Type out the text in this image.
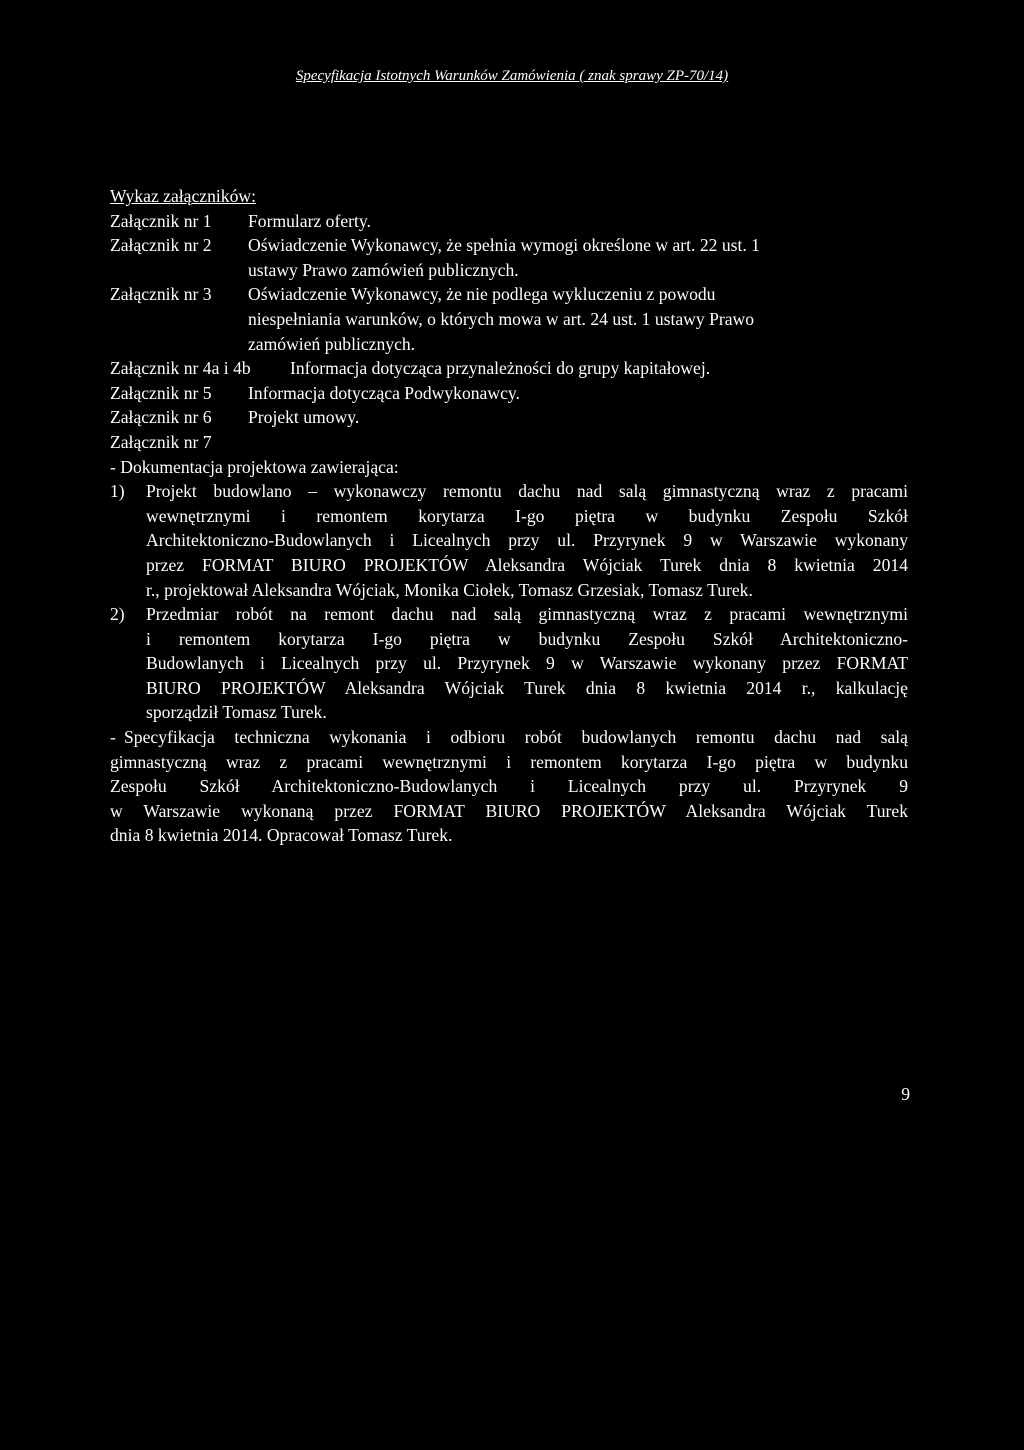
Specyfikacja Istotnych Warunków Zamówienia ( znak sprawy ZP-70/14)
Wykaz załączników:
Załącznik nr 1	Formularz oferty.
Załącznik nr 2	Oświadczenie Wykonawcy, że spełnia wymogi określone w art. 22 ust. 1
ustawy Prawo zamówień publicznych.
Załącznik nr 3	Oświadczenie Wykonawcy, że nie podlega wykluczeniu z powodu
niespełniania warunków, o których mowa w art. 24 ust. 1 ustawy Prawo
zamówień publicznych.
Załącznik nr 4a i 4b	Informacja dotycząca przynależności do grupy kapitałowej.
Załącznik nr 5	Informacja dotycząca Podwykonawcy.
Załącznik nr 6	Projekt umowy.
Załącznik nr 7
- Dokumentacja projektowa zawierająca:
1)	Projekt budowlano – wykonawczy remontu dachu nad salą gimnastyczną wraz z pracami
wewnętrznymi i remontem korytarza I-go piętra w budynku Zespołu Szkół
Architektoniczno-Budowlanych i Licealnych przy ul. Przyrynek 9 w Warszawie wykonany
przez FORMAT BIURO PROJEKTÓW Aleksandra Wójciak Turek dnia 8 kwietnia 2014
r., projektował Aleksandra Wójciak, Monika Ciołek, Tomasz Grzesiak, Tomasz Turek.
2)	Przedmiar robót na remont dachu nad salą gimnastyczną wraz z pracami wewnętrznymi
i remontem korytarza I-go piętra w budynku Zespołu Szkół Architektoniczno-
Budowlanych i Licealnych przy ul. Przyrynek 9 w Warszawie wykonany przez FORMAT
BIURO PROJEKTÓW Aleksandra Wójciak Turek dnia 8 kwietnia 2014 r., kalkulację
sporządził Tomasz Turek.
- Specyfikacja techniczna wykonania i odbioru robót budowlanych remontu dachu nad salą
gimnastyczną wraz z pracami wewnętrznymi i remontem korytarza I-go piętra w budynku
Zespołu Szkół Architektoniczno-Budowlanych i Licealnych przy ul. Przyrynek 9
w Warszawie wykonaną przez FORMAT BIURO PROJEKTÓW Aleksandra Wójciak Turek
dnia 8 kwietnia 2014. Opracował Tomasz Turek.
9
